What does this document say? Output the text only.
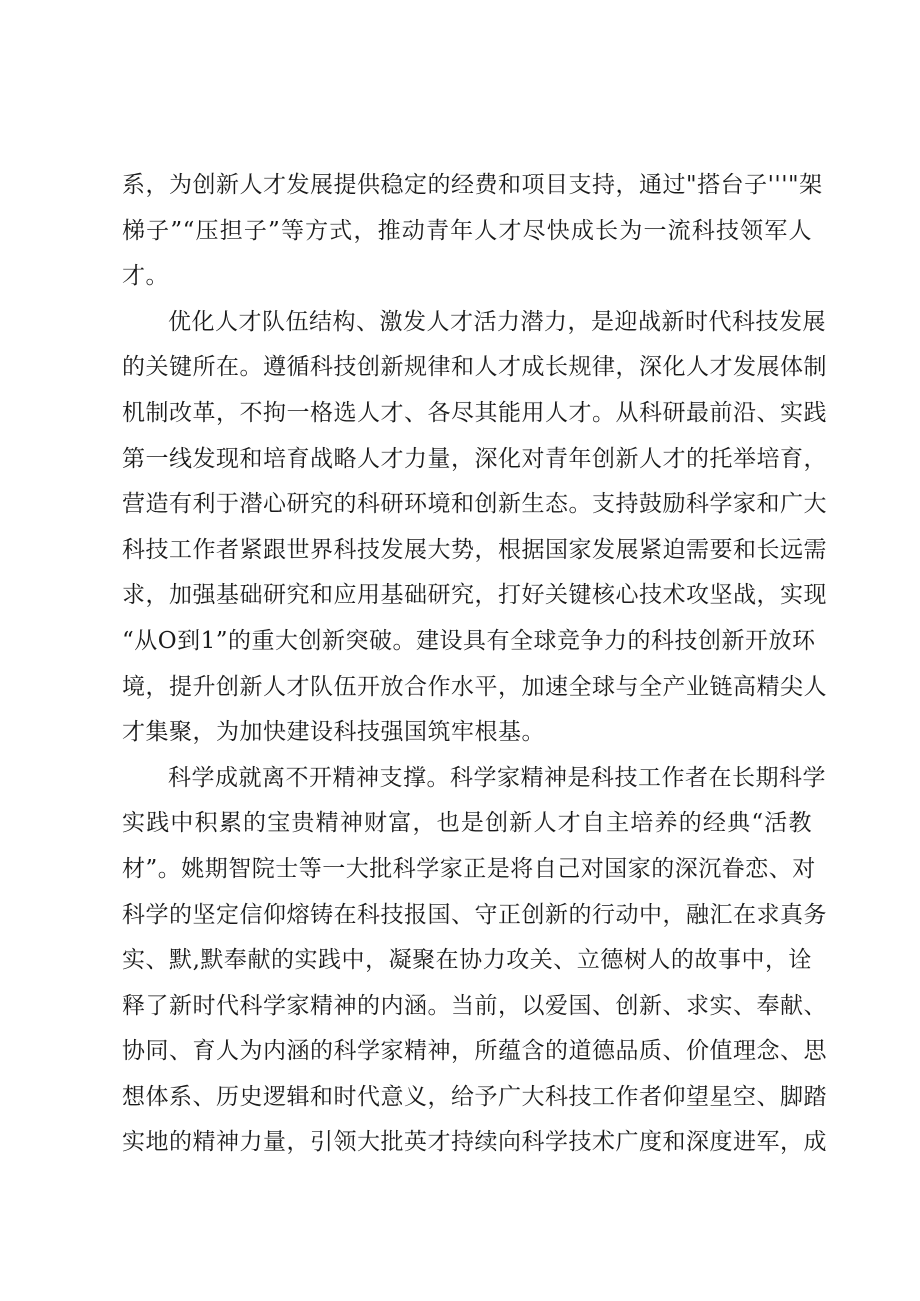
系，为创新人才发展提供稳定的经费和项目支持，通过"搭台子'''"架
梯子”“压担子”等方式，推动青年人才尽快成长为一流科技领军人
才。
优化人才队伍结构、激发人才活力潜力，是迎战新时代科技发展
的关键所在。遵循科技创新规律和人才成长规律，深化人才发展体制
机制改革，不拘一格选人才、各尽其能用人才。从科研最前沿、实践
第一线发现和培育战略人才力量，深化对青年创新人才的托举培育，
营造有利于潜心研究的科研环境和创新生态。支持鼓励科学家和广大
科技工作者紧跟世界科技发展大势，根据国家发展紧迫需要和长远需
求，加强基础研究和应用基础研究，打好关键核心技术攻坚战，实现
“从O到1”的重大创新突破。建设具有全球竞争力的科技创新开放环
境，提升创新人才队伍开放合作水平，加速全球与全产业链高精尖人
才集聚，为加快建设科技强国筑牢根基。
科学成就离不开精神支撑。科学家精神是科技工作者在长期科学
实践中积累的宝贵精神财富，也是创新人才自主培养的经典“活教
材”。姚期智院士等一大批科学家正是将自己对国家的深沉眷恋、对
科学的坚定信仰熔铸在科技报国、守正创新的行动中，融汇在求真务
实、默,默奉献的实践中，凝聚在协力攻关、立德树人的故事中，诠
释了新时代科学家精神的内涵。当前，以爱国、创新、求实、奉献、
协同、育人为内涵的科学家精神，所蕴含的道德品质、价值理念、思
想体系、历史逻辑和时代意义，给予广大科技工作者仰望星空、脚踏
实地的精神力量，引领大批英才持续向科学技术广度和深度进军，成
